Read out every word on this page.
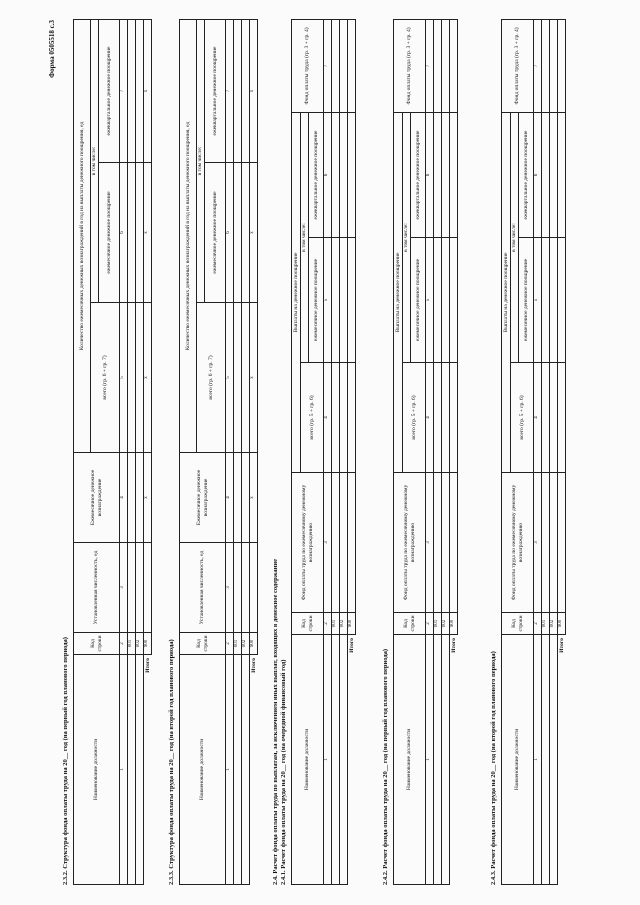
Форма 0505518 с.3
2.3.2. Структура фонда оплаты труда на 20__ год (на первый год планового периода)	Наименование должности	Код строки	Установленная численность, ед	Ежемесячное денежное вознаграждение	Количество ежемесячных денежных вознаграждений в год на выплаты денежного поощрения, ед		
				всего (гр. 6 + гр. 7)	в том числе:	
					ежемесячное денежное поощрение	ежеквартальное денежное поощрение
1	2	3	4	5	6	7
	001					
	002					
Итого	900		x	x	x	x
2.3.3. Структура фонда оплаты труда на 20__ год (на второй год планового периода)	Наименование должности	Код строки	Установленная численность, ед	Ежемесячное денежное вознаграждение	Количество ежемесячных денежных вознаграждений в год на выплаты денежного поощрения, ед		
				всего (гр. 6 + гр. 7)	в том числе:	
					ежемесячное денежное поощрение	ежеквартальное денежное поощрение
1	2	3	4	5	6	7
	001					
	002					
Итого	900		x	x	x	x
2.4. Расчет фонда оплаты труда по выплатам, за исключением иных выплат, входящих в денежное содержание 2.4.1. Расчет фонда оплаты труда на 20__ год (на очередной финансовый год)	Наименование должности	Код строки	Фонд оплаты труда по ежемесячному денежному вознаграждению	Выплаты на денежное поощрение			Фонд оплаты труда (гр. 3 + гр. 4)
			всего (гр. 5 + гр. 6)	в том числе:		
				ежемесячное денежное поощрение	ежеквартальное денежное поощрение	
1	2	3	4	5	6	7
	001					
	002					
Итого	900					
2.4.2. Расчет фонда оплаты труда на 20__ год (на первый год планового периода)	Наименование должности	Код строки	Фонд оплаты труда по ежемесячному денежному вознаграждению	Выплаты на денежное поощрение			Фонд оплаты труда (гр. 3 + гр. 4)
			всего (гр. 5 + гр. 6)	в том числе:		
				ежемесячное денежное поощрение	ежеквартальное денежное поощрение	
1	2	3	4	5	6	7
	001					
	002					
Итого	900					
2.4.3. Расчет фонда оплаты труда на 20__ год (на второй год планового периода)	Наименование должности	Код строки	Фонд оплаты труда по ежемесячному денежному вознаграждению	Выплаты на денежное поощрение			Фонд оплаты труда (гр. 3 + гр. 4)
			всего (гр. 5 + гр. 6)	в том числе:		
				ежемесячное денежное поощрение	ежеквартальное денежное поощрение	
1	2	3	4	5	6	7
	001					
	002					
Итого	900					
